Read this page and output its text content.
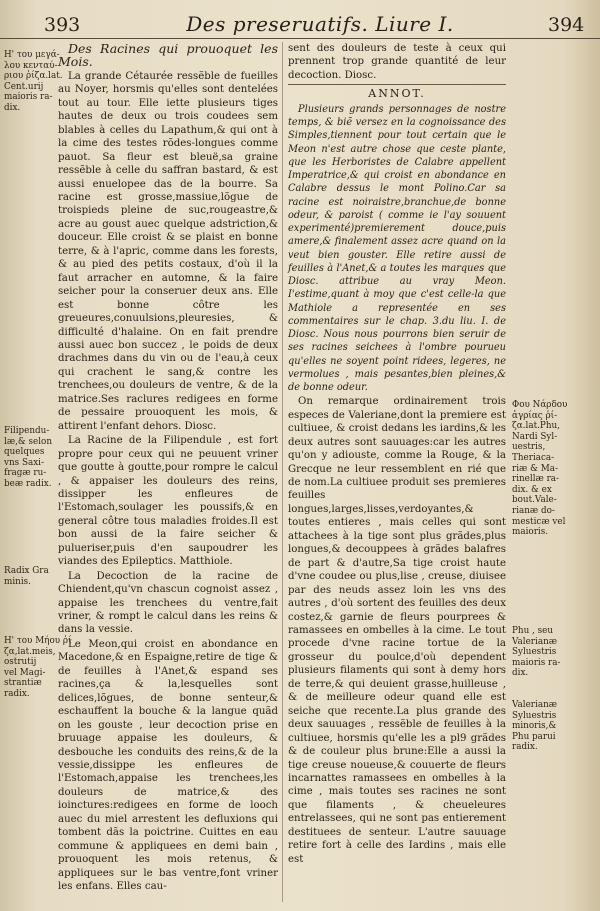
393	Des preseruatifs. Liure I.	394
Η' του μεγά-
λου κενταύ-
ριου ῥίζα.lat.
Cent.urij
maioris ra-
dix.
Filipendu-
læ,& selon
quelques
vns Saxi-
fragæ ru-
beæ radix.
Radix Gra
minis.
Η' του Μήου ῥί
ζα,lat.meis,
ostrutij
vel Magi-
strantiæ
radix.

Des Racines qui prouoquet les Mois.

La grande Cétaurée ressẽble de fueilles au Noyer, horsmis qu'elles sont dentelées tout au tour. Elle iette plusieurs tiges hautes de deux ou trois coudees sem blables à celles du Lapathum,& qui ont à la cime des testes rõdes-longues comme pauot. Sa fleur est bleuë,sa graine ressẽble à celle du saffran bastard, & est aussi enuelopee das de la bourre. Sa racine est grosse,massiue,lõgue de troispieds pleine de suc,rougeastre,& acre au goust auec quelque adstriction,& douceur. Elle croist & se plaist en bonne terre, & à l'apric, comme dans les forests, & au pied des petits costaux, d'où il la faut arracher en automne, & la faire seicher pour la conseruer deux ans. Elle est bonne côtre les greueures,conuulsions,pleuresies, & difficulté d'halaine. On en fait prendre aussi auec bon succez , le poids de deux drachmes dans du vin ou de l'eau,à ceux qui crachent le sang,& contre les trenchees,ou douleurs de ventre, & de la matrice.Ses raclures redigees en forme de pessaire prouoquent les mois, & attirent l'enfant dehors. Diosc.

La Racine de la Filipendule , est fort propre pour ceux qui ne peuuent vriner que goutte à goutte,pour rompre le calcul , & appaiser les douleurs des reins, dissipper les enfleures de l'Estomach,soulager les poussifs,& en general côtre tous maladies froides.Il est bon aussi de la faire seicher & pulueriser,puis d'en saupoudrer les viandes des Epileptics. Matthiole.

La Decoction de la racine de Chiendent,qu'vn chascun cognoist assez , appaise les trenchees du ventre,fait vriner, & rompt le calcul dans les reins & dans la vessie.

Le Meon,qui croist en abondance en Macedone,& en Espaigne,retire de tige & de feuilles à l'Anet,& espand ses racines,ça & la,lesquelles sont delices,lõgues, de bonne senteur,& eschauffent la bouche & la langue quãd on les gouste , leur decoction prise en bruuage appaise les douleurs, & desbouche les conduits des reins,& de la vessie,dissippe les enfleures de l'Estomach,appaise les trenchees,les douleurs de matrice,& des ioinctures:redigees en forme de looch auec du miel arrestent les defluxions qui tombent dãs la poictrine. Cuittes en eau commune & appliquees en demi bain , prouoquent les mois retenus, & appliquees sur le bas ventre,font vriner les enfans. Elles cau-

sent des douleurs de teste à ceux qui prennent trop grande quantité de leur decoction. Diosc.

ANNOT.

Plusieurs grands personnages de nostre temps, & biẽ versez en la cognoissance des Simples,tiennent pour tout certain que le Meon n'est autre chose que ceste plante, que les Herboristes de Calabre appellent Imperatrice,& qui croist en abondance en Calabre dessus le mont Polino.Car sa racine est noiraistre,branchue,de bonne odeur, & paroist ( comme ie l'ay souuent experimenté)premierement douce,puis amere,& finalement assez acre quand on la veut bien gouster. Elle retire aussi de feuilles à l'Anet,& a toutes les marques que Diosc. attribue au vray Meon. I'estime,quant à moy que c'est celle-la que Mathiole a representée en ses commentaires sur le chap. 3.du liu. I. de Diosc. Nous nous pourrons bien seruir de ses racines seichees à l'ombre pourueu qu'elles ne soyent point ridees, legeres, ne vermolues , mais pesantes,bien pleines,& de bonne odeur.

On remarque ordinairement trois especes de Valeriane,dont la premiere est cultiuee, & croist dedans les iardins,& les deux autres sont sauuages:car les autres qu'on y adiouste, comme la Rouge, & la Grecque ne leur ressemblent en rié que de nom.La cultiuee produit ses premieres feuilles longues,larges,lisses,verdoyantes,& toutes entieres , mais celles qui sont attachees à la tige sont plus grãdes,plus longues,& decouppees à grãdes balafres de part & d'autre,Sa tige croist haute d'vne coudee ou plus,lise , creuse, diuisee par des neuds assez loin les vns des autres , d'où sortent des feuilles des deux costez,& garnie de fleurs pourprees & ramassees en ombelles à la cime. Le tout procede d'vne racine tortue de la grosseur du poulce,d'où dependent plusieurs filaments qui sont à demy hors de terre,& qui deuient grasse,huilleuse , & de meilleure odeur quand elle est seiche que recente.La plus grande des deux sauuages , ressẽble de feuilles à la cultiuee, horsmis qu'elle les a pl9 grãdes & de couleur plus brune:Elle a aussi la tige creuse noueuse,& couuerte de fleurs incarnattes ramassees en ombelles à la cime , mais toutes ses racines ne sont que filaments , & cheueleures entrelassees, qui ne sont pas entierement destituees de senteur. L'autre sauuage retire fort à celle des Iardins , mais elle est

Φου Νάρδου
ἀγρίας ῥί-
ζα.lat.Phu,
Nardi Syl-
uestris,
Theriaca-
riæ & Ma-
rinellæ ra-
dix. & ex
bout.Vale-
rianæ do-
mesticæ vel
maioris.
Phu , seu
Valerianæ
Syluestris
maioris ra-
dix.
Valerianæ
Syluestris
minoris,&
Phu parui
radix.
